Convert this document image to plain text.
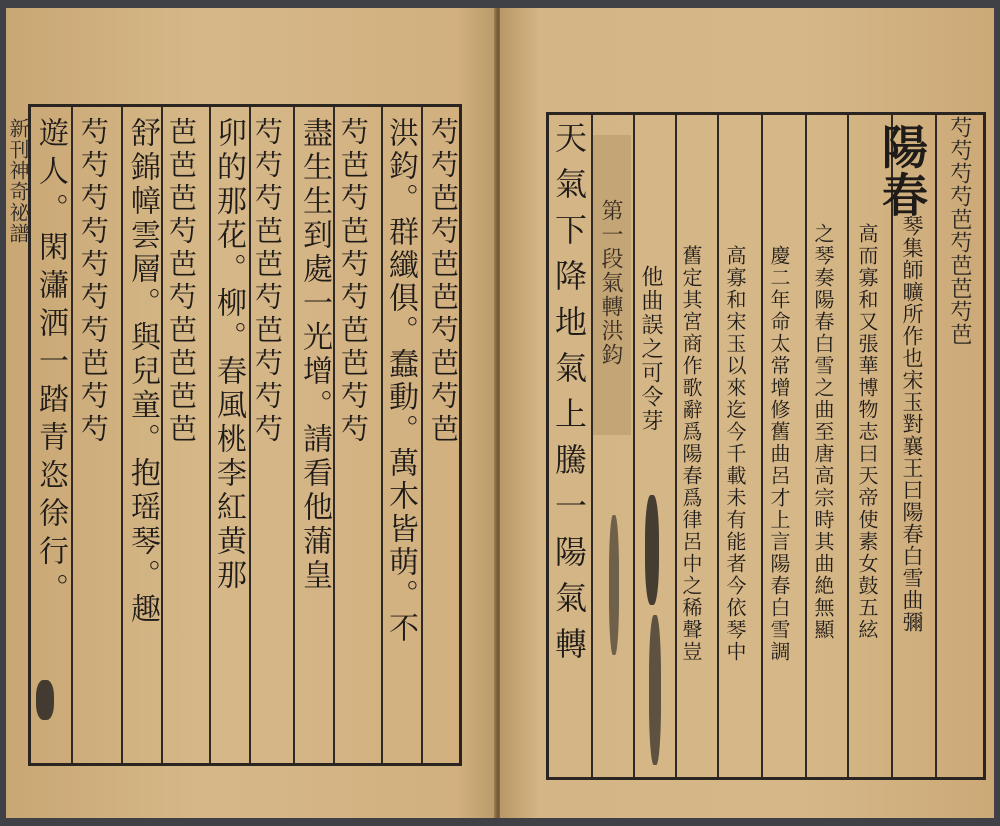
新刊神奇祕譜	芍芍芭芍芭芭芍芭芍芭
洪鈞。群纖俱。蠢動。萬木皆萌。不
芍芭芍芭芍芍芭芭芍芍
盡生生到處一光增。請看他蒲皇
芍芍芍芭芭芍芭芍芍芍
卯的那花。柳。春風桃李紅黄那
芭芭芭芍芭芍芭芭芭芭
舒錦幛雲層。與兒童。抱瑶琴。趣
芍芍芍芍芍芍芍芭芍芍
遊人。閑瀟洒一踏青恣徐行。	陽春
琴集師曠所作也宋玉對襄王曰陽春白雪曲彌
高而寡和又張華博物志曰天帝使素女鼓五絃
之琴奏陽春白雪之曲至唐高宗時其曲絶無顯
慶二年命太常增修舊曲呂才上言陽春白雪調
高寡和宋玉以來迄今千載未有能者今依琴中
舊定其宮商作歌辭爲陽春爲律呂中之稀聲豈
他曲誤之可令芽
第一段氣轉洪鈞
天氣下降地氣上騰一陽氣轉	芍芍芍芍芭芍芭芭芍芭
